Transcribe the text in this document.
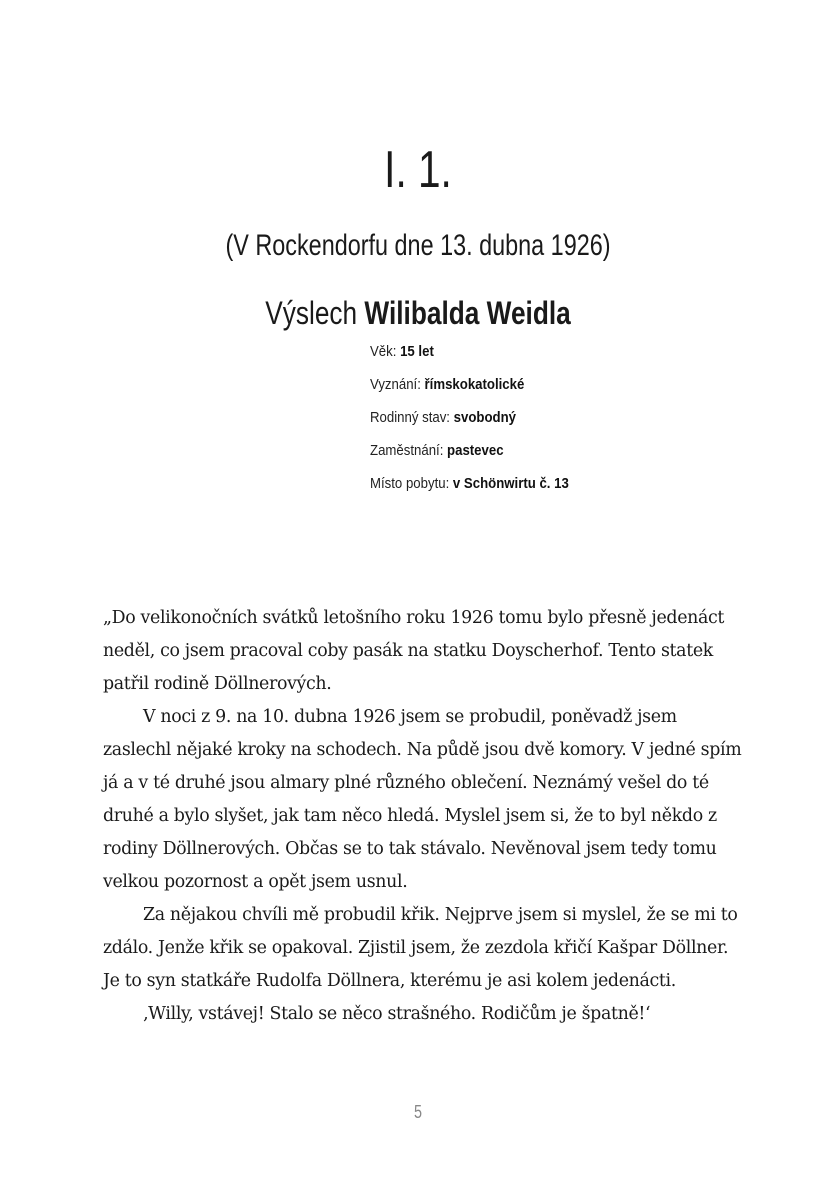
I. 1.
(V Rockendorfu dne 13. dubna 1926)
Výslech Wilibalda Weidla
Věk: 15 let
Vyznání: římskokatolické
Rodinný stav: svobodný
Zaměstnání: pastevec
Místo pobytu: v Schönwirtu č. 13

„Do velikonočních svátků letošního roku 1926 tomu bylo přesně jedenáct neděl, co jsem pracoval coby pasák na statku Doyscherhof. Tento statek patřil rodině Döllnerových.

V noci z 9. na 10. dubna 1926 jsem se probudil, poněvadž jsem zaslechl nějaké kroky na schodech. Na půdě jsou dvě komory. V jedné spím já a v té druhé jsou almary plné různého oblečení. Neznámý vešel do té druhé a bylo slyšet, jak tam něco hledá. Myslel jsem si, že to byl někdo z rodiny Döllnerových. Občas se to tak stávalo. Nevěnoval jsem tedy tomu velkou pozornost a opět jsem usnul.

Za nějakou chvíli mě probudil křik. Nejprve jsem si myslel, že se mi to zdálo. Jenže křik se opakoval. Zjistil jsem, že zezdola křičí Kašpar Döllner. Je to syn statkáře Rudolfa Döllnera, kterému je asi kolem jedenácti.

‚Willy, vstávej! Stalo se něco strašného. Rodičům je špatně!‘

5
